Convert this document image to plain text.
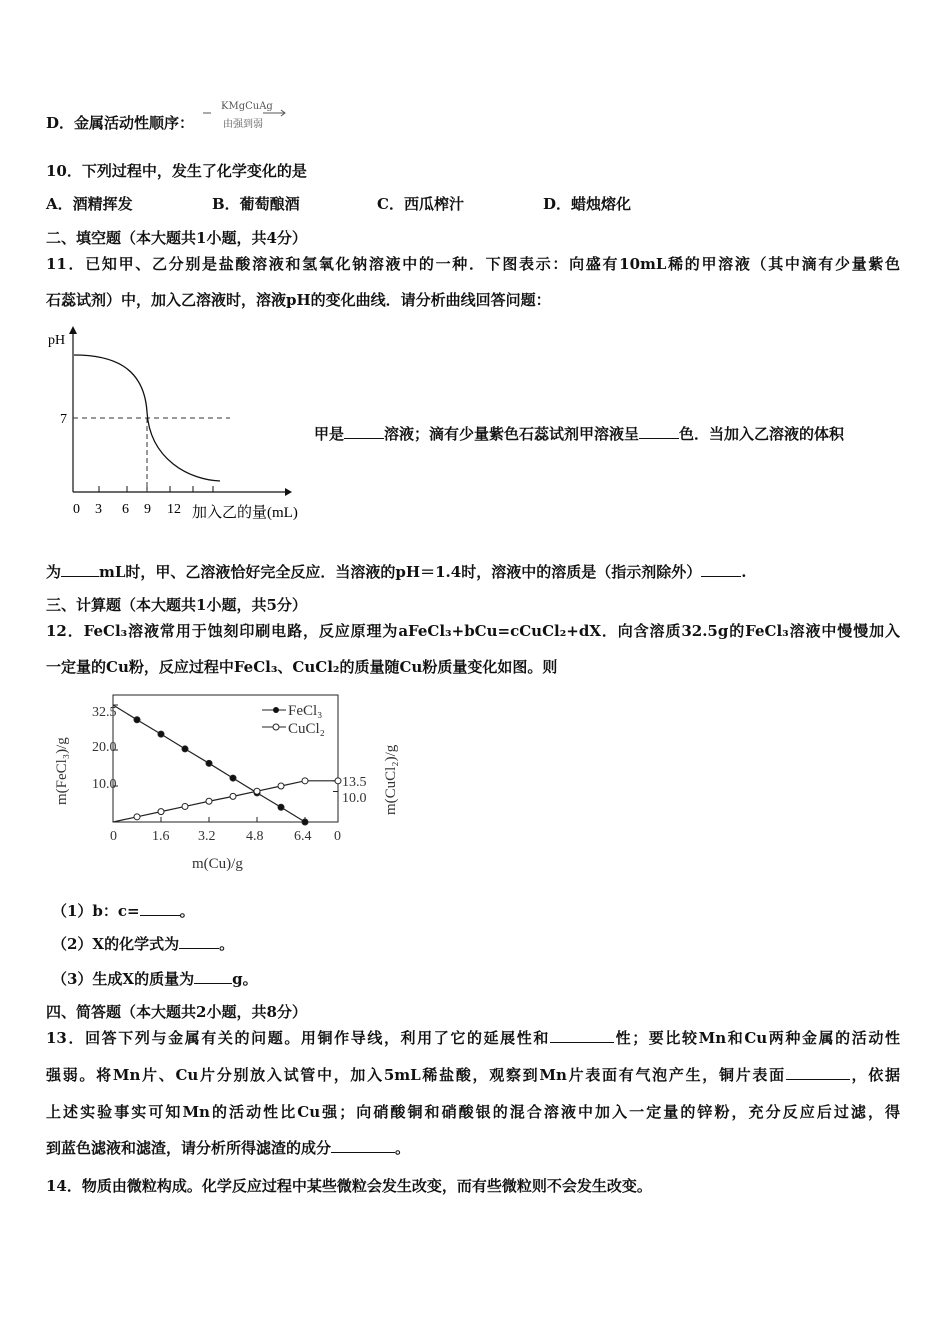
D．金属活动性顺序：
KMgCuAg
由强到弱
10．下列过程中，发生了化学变化的是
A．酒精挥发	B．葡萄酿酒	C．西瓜榨汁	D．蜡烛熔化
二、填空题（本大题共1小题，共4分）
11．已知甲、乙分别是盐酸溶液和氢氧化钠溶液中的一种．下图表示：向盛有10mL稀的甲溶液（其中滴有少量紫色
石蕊试剂）中，加入乙溶液时，溶液pH的变化曲线．请分析曲线回答问题：
pH
7
0 3 6 9 12 加入乙的量(mL)
甲是	溶液；滴有少量紫色石蕊试剂甲溶液呈	色．当加入乙溶液的体积
为	mL时，甲、乙溶液恰好完全反应．当溶液的pH＝1.4时，溶液中的溶质是（指示剂除外）	.
三、计算题（本大题共1小题，共5分）
12．FeCl₃溶液常用于蚀刻印刷电路，反应原理为aFeCl₃+bCu=cCuCl₂+dX．向含溶质32.5g的FeCl₃溶液中慢慢加入
一定量的Cu粉，反应过程中FeCl₃、CuCl₂的质量随Cu粉质量变化如图。则
32.5
20.0
10.0	13.5
10.0
0	1.6 3.2 4.8 6.4 0
m(Cu)/g
m(FeCl₃)/g	m(CuCl₂)/g
FeCl₃
CuCl₂
（1）b：c=	。
（2）X的化学式为	。
（3）生成X的质量为	g。
四、简答题（本大题共2小题，共8分）
13．回答下列与金属有关的问题。用铜作导线，利用了它的延展性和	性；要比较Mn和Cu两种金属的活动性
强弱。将Mn片、Cu片分别放入试管中，加入5mL稀盐酸，观察到Mn片表面有气泡产生，铜片表面	，依据
上述实验事实可知Mn的活动性比Cu强；向硝酸铜和硝酸银的混合溶液中加入一定量的锌粉，充分反应后过滤，得
到蓝色滤液和滤渣，请分析所得滤渣的成分	。
14．物质由微粒构成。化学反应过程中某些微粒会发生改变，而有些微粒则不会发生改变。
